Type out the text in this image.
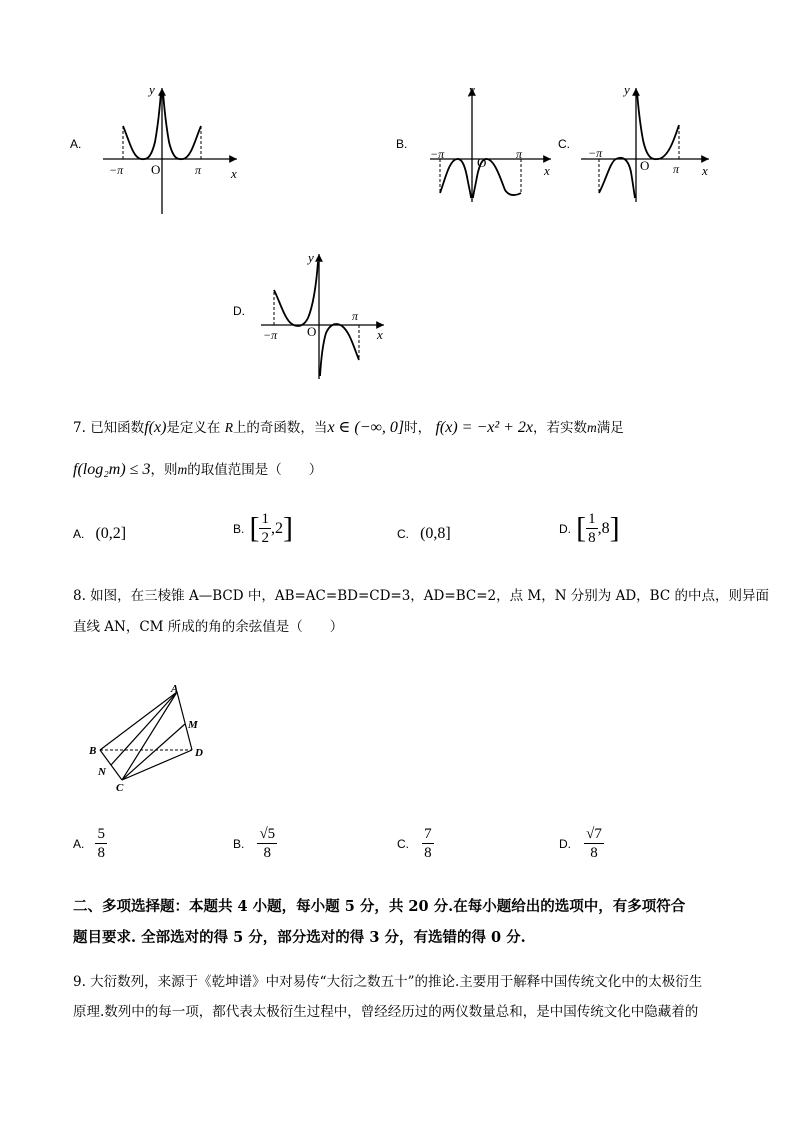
A.
y
x
O
−π	π
B.
y
x
O
−π	π
C.
y
x
O
−π
π
D.
y
x
O
−π
π
7. 已知函数f(x)是定义在 R上的奇函数，当x ∈ (−∞, 0]时， f(x) = −x² + 2x，若实数m满足
f(log₂m) ≤ 3，则m的取值范围是（　　）
A. (0,2]	B. [ $\frac{1}{2} ,2$]	C. (0,8]	D. [ $\frac{1}{8} ,8$]
8. 如图，在三棱锥 A—BCD 中，AB=AC=BD=CD=3，AD=BC=2，点 M，N 分别为 AD，BC 的中点，则异面
直线 AN，CM 所成的角的余弦值是（　　）
A
B
C
D
M
N
A. $\frac{5}{8}$	B. $\frac{√5}{8}$	C. $\frac{7}{8}$	D. $\frac{√7}{8}$
二、多项选择题：本题共 4 小题，每小题 5 分，共 20 分.在每小题给出的选项中，有多项符合
题目要求. 全部选对的得 5 分，部分选对的得 3 分，有选错的得 0 分.
9. 大衍数列，来源于《乾坤谱》中对易传“大衍之数五十”的推论.主要用于解释中国传统文化中的太极衍生
原理.数列中的每一项，都代表太极衍生过程中，曾经经历过的两仪数量总和，是中国传统文化中隐藏着的
